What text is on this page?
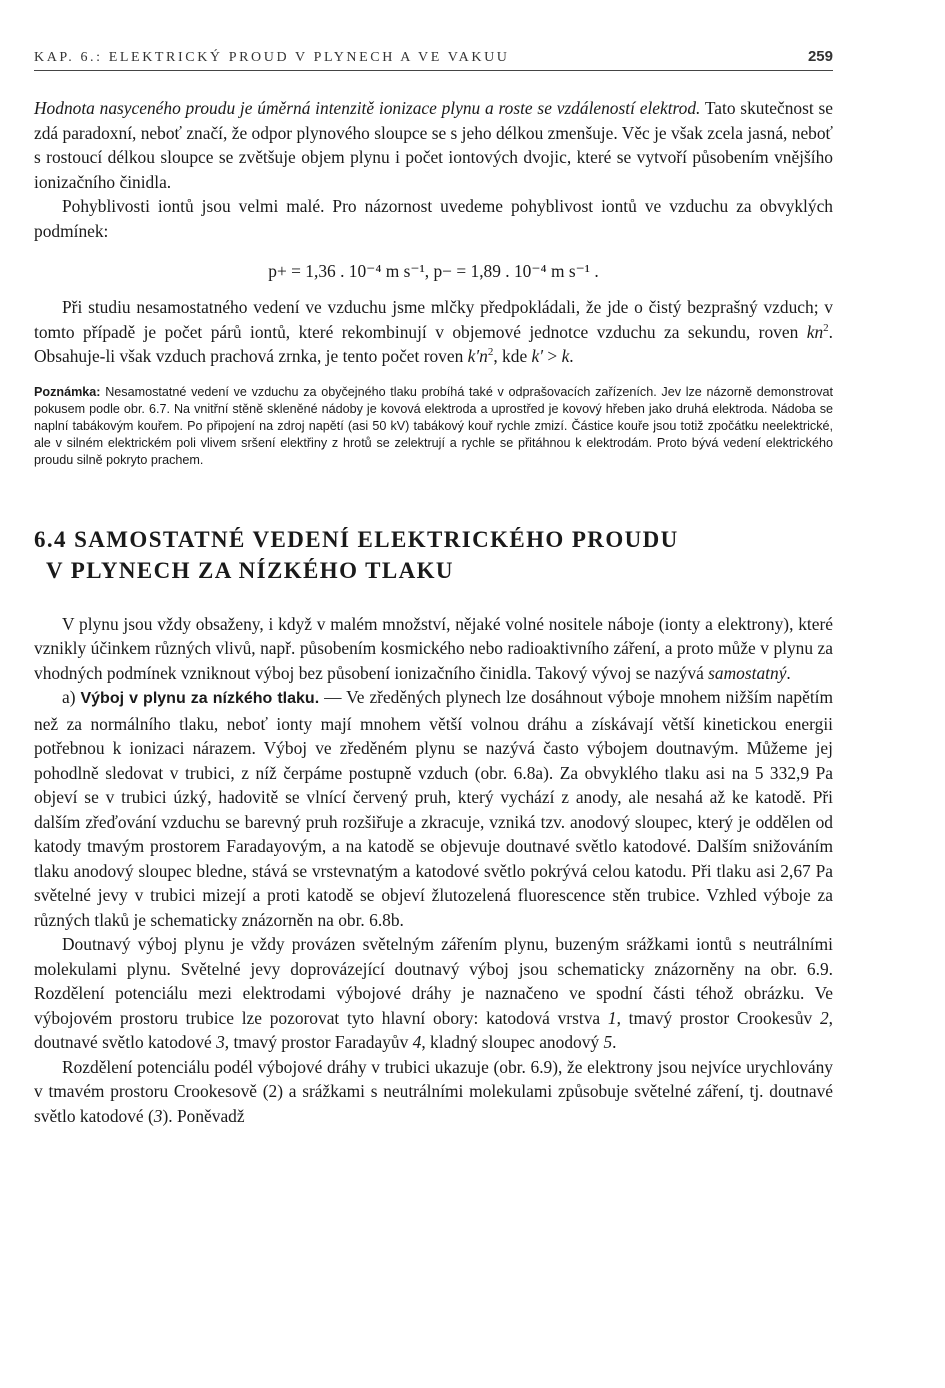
KAP. 6.: ELEKTRICKÝ PROUD V PLYNECH A VE VAKUU	259

Hodnota nasyceného proudu je úměrná intenzitě ionizace plynu a roste se vzdáleností elektrod. Tato skutečnost se zdá paradoxní, neboť značí, že odpor plynového sloupce se s jeho délkou zmenšuje. Věc je však zcela jasná, neboť s rostoucí délkou sloupce se zvětšuje objem plynu i počet iontových dvojic, které se vytvoří působením vnějšího ionizačního činidla.

Pohyblivosti iontů jsou velmi malé. Pro názornost uvedeme pohyblivost iontů ve vzduchu za obvyklých podmínek:

p+ = 1,36 . 10⁻⁴ m s⁻¹, p− = 1,89 . 10⁻⁴ m s⁻¹ .

Při studiu nesamostatného vedení ve vzduchu jsme mlčky předpokládali, že jde o čistý bezprašný vzduch; v tomto případě je počet párů iontů, které rekombinují v objemové jednotce vzduchu za sekundu, roven $kn^2$. Obsahuje-li však vzduch prachová zrnka, je tento počet roven $k'n^2$, kde k′ > k.

Poznámka: Nesamostatné vedení ve vzduchu za obyčejného tlaku probíhá také v odprašovacích zařízeních. Jev lze názorně demonstrovat pokusem podle obr. 6.7. Na vnitřní stěně skleněné nádoby je kovová elektroda a uprostřed je kovový hřeben jako druhá elektroda. Nádoba se naplní tabákovým kouřem. Po připojení na zdroj napětí (asi 50 kV) tabákový kouř rychle zmizí. Částice kouře jsou totiž zpočátku neelektrické, ale v silném elektrickém poli vlivem sršení elektřiny z hrotů se zelektrují a rychle se přitáhnou k elektrodám. Proto bývá vedení elektrického proudu silně pokryto prachem.
6.4 SAMOSTATNÉ VEDENÍ ELEKTRICKÉHO PROUDU
V PLYNECH ZA NÍZKÉHO TLAKU

V plynu jsou vždy obsaženy, i když v malém množství, nějaké volné nositele náboje (ionty a elektrony), které vznikly účinkem různých vlivů, např. působením kosmického nebo radioaktivního záření, a proto může v plynu za vhodných podmínek vzniknout výboj bez působení ionizačního činidla. Takový vývoj se nazývá samostatný.

a) Výboj v plynu za nízkého tlaku. — Ve zředěných plynech lze dosáhnout výboje mnohem nižším napětím než za normálního tlaku, neboť ionty mají mnohem větší volnou dráhu a získávají větší kinetickou energii potřebnou k ionizaci nárazem. Výboj ve zředěném plynu se nazývá často výbojem doutnavým. Můžeme jej pohodlně sledovat v trubici, z níž čerpáme postupně vzduch (obr. 6.8a). Za obvyklého tlaku asi na 5 332,9 Pa objeví se v trubici úzký, hadovitě se vlnící červený pruh, který vychází z anody, ale nesahá až ke katodě. Při dalším zřeďování vzduchu se barevný pruh rozšiřuje a zkracuje, vzniká tzv. anodový sloupec, který je oddělen od katody tmavým prostorem Faradayovým, a na katodě se objevuje doutnavé světlo katodové. Dalším snižováním tlaku anodový sloupec bledne, stává se vrstevnatým a katodové světlo pokrývá celou katodu. Při tlaku asi 2,67 Pa světelné jevy v trubici mizejí a proti katodě se objeví žlutozelená fluorescence stěn trubice. Vzhled výboje za různých tlaků je schematicky znázorněn na obr. 6.8b.

Doutnavý výboj plynu je vždy provázen světelným zářením plynu, buzeným srážkami iontů s neutrálními molekulami plynu. Světelné jevy doprovázející doutnavý výboj jsou schematicky znázorněny na obr. 6.9. Rozdělení potenciálu mezi elektrodami výbojové dráhy je naznačeno ve spodní části téhož obrázku. Ve výbojovém prostoru trubice lze pozorovat tyto hlavní obory: katodová vrstva 1, tmavý prostor Crookesův 2, doutnavé světlo katodové 3, tmavý prostor Faradayův 4, kladný sloupec anodový 5.

Rozdělení potenciálu podél výbojové dráhy v trubici ukazuje (obr. 6.9), že elektrony jsou nejvíce urychlovány v tmavém prostoru Crookesově (2) a srážkami s neutrálními molekulami způsobuje světelné záření, tj. doutnavé světlo katodové (3). Poněvadž
